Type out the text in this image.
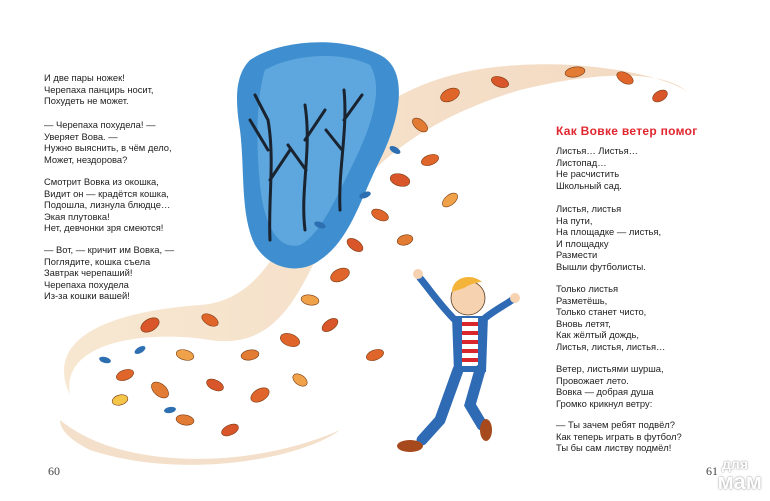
И две пары ножек!
Черепаха панцирь носит,
Похудеть не может.
— Черепаха похудела! —
Уверяет Вова. —
Нужно выяснить, в чём дело,
Может, нездорова?
Смотрит Вовка из окошка,
Видит он — крадётся кошка,
Подошла, лизнула блюдце…
Экая плутовка!
Нет, девчонки зря смеются!
— Вот, — кричит им Вовка, —
Поглядите, кошка съела
Завтрак черепаший!
Черепаха похудела
Из-за кошки вашей!
60
Как Вовке ветер помог
Листья… Листья…
Листопад…
Не расчистить
Школьный сад.
Листья, листья
На пути,
На площадке — листья,
И площадку
Размести
Вышли футболисты.
Только листья
Разметёшь,
Только станет чисто,
Вновь летят,
Как жёлтый дождь,
Листья, листья, листья…
Ветер, листьями шурша,
Провожает лето.
Вовка — добрая душа
Громко крикнул ветру:
— Ты зачем ребят подвёл?
Как теперь играть в футбол?
Ты бы сам листву подмёл!
61 для
мам
